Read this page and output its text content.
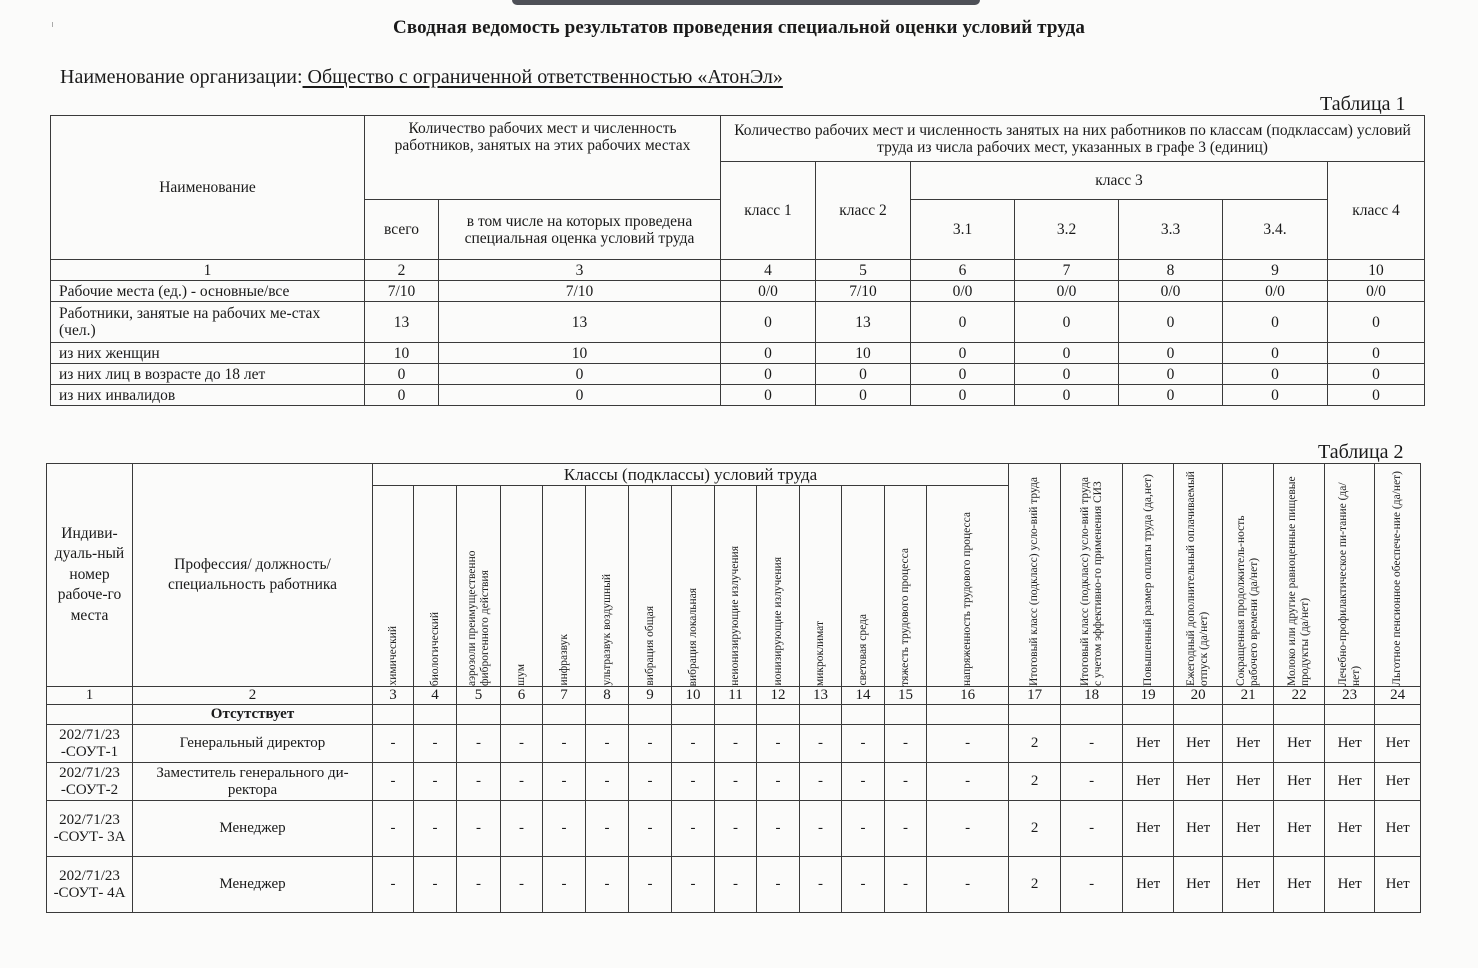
Сводная ведомость результатов проведения специальной оценки условий труда
Наименование организации: Общество с ограниченной ответственностью «АтонЭл»
Таблица 1
Наименование	Количество рабочих мест и численность работников, занятых на этих рабочих местах		Количество рабочих мест и численность занятых на них работников по классам (подклассам) условий труда из числа рабочих мест, указанных в графе 3 (единиц)						
			класс 1	класс 2	класс 3				класс 4
	всего	в том числе на которых проведена специальная оценка условий труда			3.1	3.2	3.3	3.4.	
1	2	3	4	5	6	7	8	9	10
Рабочие места (ед.) - основные/все	7/10	7/10	0/0	7/10	0/0	0/0	0/0	0/0	0/0
Работники, занятые на рабочих ме-стах (чел.)	13	13	0	13	0	0	0	0	0
из них женщин	10	10	0	10	0	0	0	0	0
из них лиц в возрасте до 18 лет	0	0	0	0	0	0	0	0	0
из них инвалидов	0	0	0	0	0	0	0	0	0
Таблица 2
Индиви-дуаль-ный номер рабоче-го места	Профессия/ должность/ специальность работника	Классы (подклассы) условий труда														Итоговый класс (подкласс) усло-вий труда	Итоговый класс (подкласс) усло-вий труда с учетом эффективно-го применения СИЗ	Повышенный размер оплаты труда (да,нет)	Ежегодный дополнительный оплачиваемый отпуск (да/нет)	Сокращенная продолжитель-ность рабочего времени (да/нет)	Молоко или другие равноценные пищевые продукты (да/нет)	Лечебно-профилактическое пи-тание (да/нет)	Льготное пенсионное обеспече-ние (да/нет)

		химический	биологический	аэрозоли преимущественно фиброгенного действия	шум	инфразвук	ультразвук воздушный	вибрация общая	вибрация локальная	неионизирующие излучения	ионизирующие излучения	микроклимат	световая среда	тяжесть трудового процесса	напряженность трудового процесса								

1	2	3	4	5	6	7	8	9	10	11	12	13	14	15	16	17	18	19	20	21	22	23	24
	Отсутствует																						
202/71/23 -СОУТ-1	Генеральный директор	-	-	-	-	-	-	-	-	-	-	-	-	-	-	2	-	Нет	Нет	Нет	Нет	Нет	Нет
202/71/23 -СОУТ-2	Заместитель генерального ди-ректора	-	-	-	-	-	-	-	-	-	-	-	-	-	-	2	-	Нет	Нет	Нет	Нет	Нет	Нет
202/71/23 -СОУТ- 3А	Менеджер	-	-	-	-	-	-	-	-	-	-	-	-	-	-	2	-	Нет	Нет	Нет	Нет	Нет	Нет
202/71/23 -СОУТ- 4А	Менеджер	-	-	-	-	-	-	-	-	-	-	-	-	-	-	2	-	Нет	Нет	Нет	Нет	Нет	Нет
